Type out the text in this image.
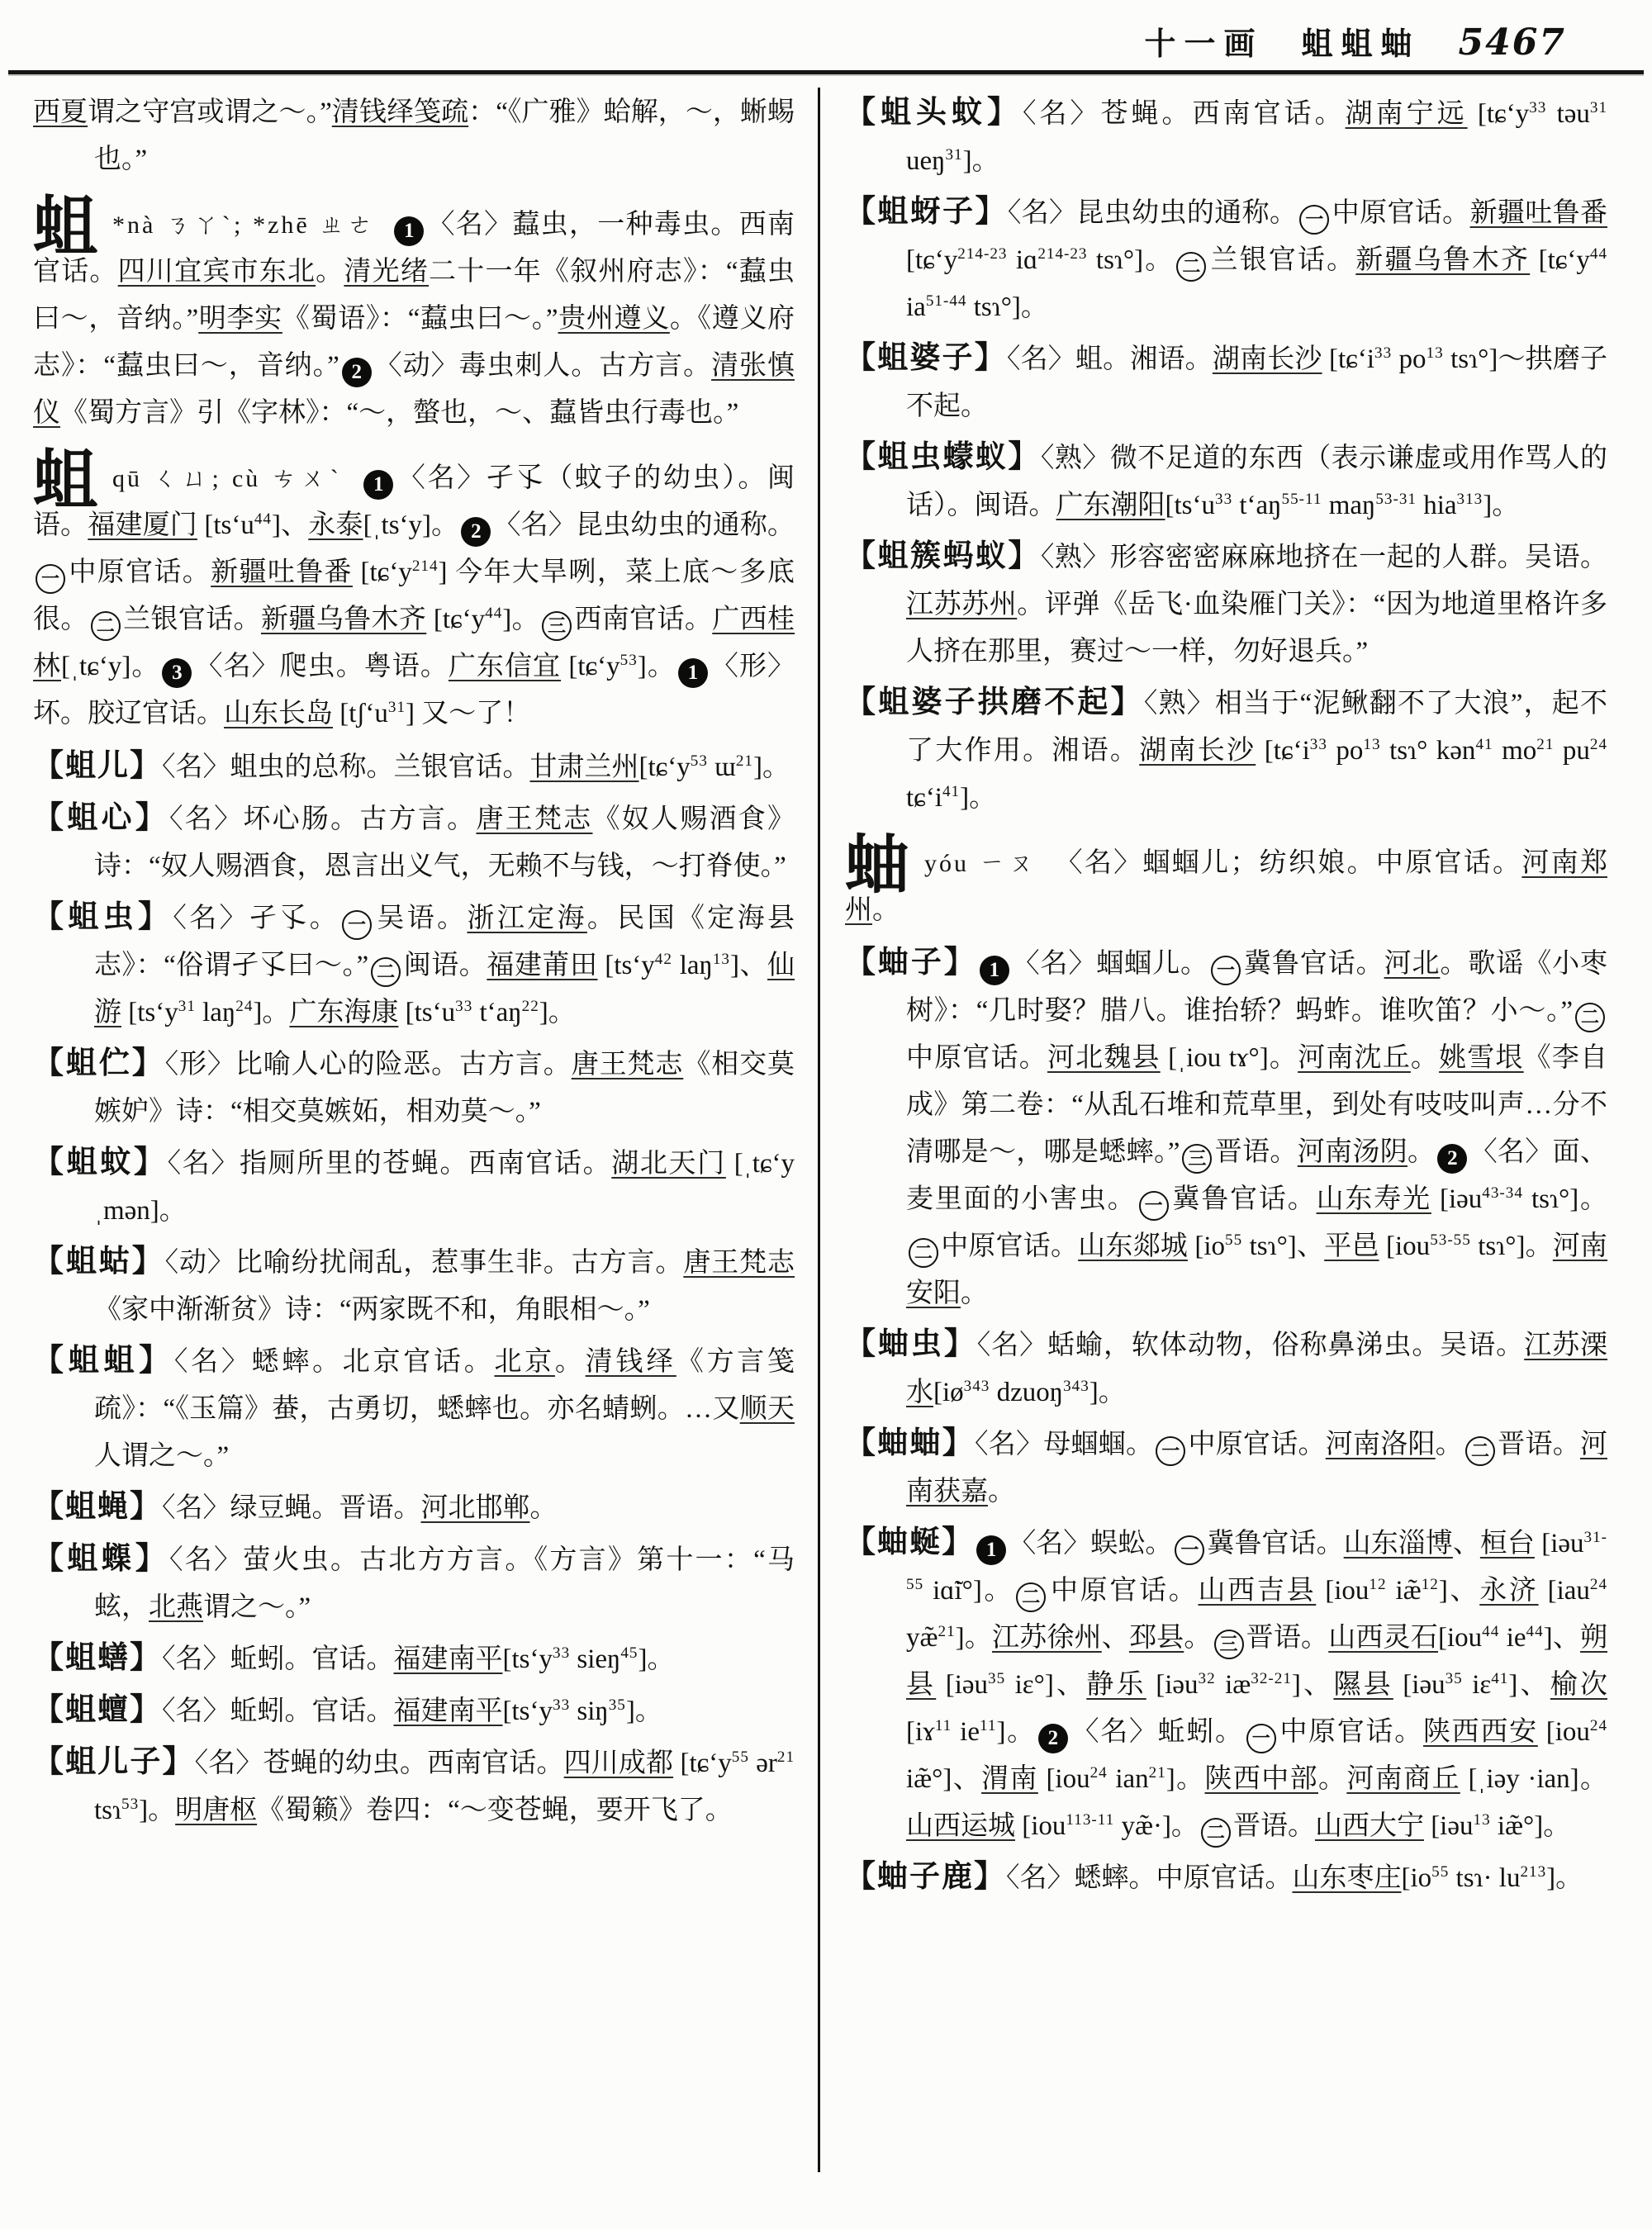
十一画 蛆蛆蚰 5467
西夏谓之守宫或谓之～。”清钱绎笺疏：“《广雅》蛤解，～，蜥蜴也。”
蛆 *nà ㄋㄚˋ; *zhē ㄓㄜ 1 〈名〉蠚虫，一种毒虫。西南官话。四川宜宾市东北。清光绪二十一年《叙州府志》：“蠚虫曰～，音纳。”明李实《蜀语》：“蠚虫曰～。”贵州遵义。《遵义府志》：“蠚虫曰～，音纳。” 2 〈动〉毒虫刺人。古方言。清张慎仪《蜀方言》引《字林》：“～，螫也，～、蠚皆虫行毒也。”
蛆qū ㄑㄩ; cù ㄘㄨˋ 1 〈名〉孑孓（蚊子的幼虫）。闽语。福建厦门 [tsʻu$^{44}$]、永泰[ˌtsʻy]。 2 〈名〉昆虫幼虫的通称。一 中原官话。新疆吐鲁番 [tɕʻy$^{214}$] 今年大旱咧，菜上底～多底很。 二 兰银官话。新疆乌鲁木齐 [tɕʻy$^{44}$]。 三 西南官话。广西桂林[ˌtɕʻy]。 3 〈名〉爬虫。粤语。广东信宜 [tɕʻy$^{53}$]。 1 〈形〉坏。胶辽官话。山东长岛 [tʃʻu$^{31}$] 又～了！
【蛆儿】〈名〉蛆虫的总称。兰银官话。甘肃兰州[tɕʻy$^{53}$ ɯ$^{21}$]。
【蛆心】〈名〉坏心肠。古方言。唐王梵志《奴人赐酒食》诗：“奴人赐酒食，恩言出义气，无赖不与钱，～打脊使。”
【蛆虫】〈名〉孑孓。 一 吴语。浙江定海。民国《定海县志》：“俗谓孑孓曰～。” 二 闽语。福建莆田 [tsʻy$^{42}$ laŋ$^{13}$]、仙游 [tsʻy$^{31}$ laŋ$^{24}$]。广东海康 [tsʻu$^{33}$ tʻaŋ$^{22}$]。
【蛆伫】〈形〉比喻人心的险恶。古方言。唐王梵志《相交莫嫉妒》诗：“相交莫嫉妬，相劝莫～。”
【蛆蚊】〈名〉指厕所里的苍蝇。西南官话。湖北天门 [ˌtɕʻy ˌmən]。
【蛆蛄】〈动〉比喻纷扰闹乱，惹事生非。古方言。唐王梵志《家中渐渐贫》诗：“两家既不和，角眼相～。”
【蛆蛆】〈名〉蟋蟀。北京官话。北京。清钱绎《方言笺疏》：“《玉篇》蛬，古勇切，蟋蟀也。亦名蜻蛚。…又顺天人谓之～。”
【蛆蝇】〈名〉绿豆蝇。晋语。河北邯郸。
【蛆蟝】〈名〉萤火虫。古北方方言。《方言》第十一：“马蚿，北燕谓之～。”
【蛆蟮】〈名〉蚯蚓。官话。福建南平[tsʻy$^{33}$ sieŋ$^{45}$]。
【蛆蟺】〈名〉蚯蚓。官话。福建南平[tsʻy$^{33}$ siŋ$^{35}$]。
【蛆儿子】〈名〉苍蝇的幼虫。西南官话。四川成都 [tɕʻy$^{55}$ ər$^{21}$ tsɿ$^{53}$]。明唐枢《蜀籁》卷四：“～变苍蝇，要开飞了。
【蛆头蚊】〈名〉苍蝇。西南官话。湖南宁远 [tɕʻy$^{33}$ təu$^{31}$ ueŋ$^{31}$]。
【蛆蚜子】〈名〉昆虫幼虫的通称。 一 中原官话。新疆吐鲁番 [tɕʻy$^{214-23}$ iɑ$^{214-23}$ tsɿ°]。 二 兰银官话。新疆乌鲁木齐 [tɕʻy$^{44}$ $ia^{51-44}$ tsɿ°]。
【蛆婆子】〈名〉蛆。湘语。湖南长沙 [tɕʻi$^{33}$ $po^{13}$ tsɿ°]～拱磨子不起。
【蛆虫蠓蚁】〈熟〉微不足道的东西（表示谦虚或用作骂人的话）。闽语。广东潮阳[tsʻu$^{33}$ tʻaŋ$^{55-11}$ maŋ$^{53-31}$ hia$^{313}$]。
【蛆簇蚂蚁】〈熟〉形容密密麻麻地挤在一起的人群。吴语。江苏苏州。评弹《岳飞·血染雁门关》：“因为地道里格许多人挤在那里，赛过～一样，勿好退兵。”
【蛆婆子拱磨不起】〈熟〉相当于“泥鳅翻不了大浪”，起不了大作用。湘语。湖南长沙 [tɕʻi$^{33}$ $po^{13}$ tsɿ° kən$^{41}$ $mo^{21}$ $pu^{24}$ tɕʻi$^{41}$]。
蚰yóu ㄧㄡ 〈名〉蝈蝈儿；纺织娘。中原官话。河南郑州。
【蚰子】 1 〈名〉蝈蝈儿。 一 冀鲁官话。河北。歌谣《小枣树》：“几时娶？腊八。谁抬轿？蚂蚱。谁吹笛？小～。” 二中原官话。河北魏县 [ˌiou tɤ°]。河南沈丘。姚雪垠《李自成》第二卷：“从乱石堆和荒草里，到处有吱吱叫声…分不清哪是～，哪是蟋蟀。” 三 晋语。河南汤阴。 2 〈名〉面、麦里面的小害虫。 一 冀鲁官话。山东寿光 [iəu$^{43-34}$ tsɿ°]。二 中原官话。山东郯城 [$io^{55}$ tsɿ°]、平邑 [iou$^{53-55}$ tsɿ°]。河南安阳。
【蚰虫】〈名〉蛞蝓，软体动物，俗称鼻涕虫。吴语。江苏溧水[$iø^{343}$ dzuoŋ$^{343}$]。
【蚰蚰】〈名〉母蝈蝈。 一 中原官话。河南洛阳。 二 晋语。河南获嘉。
【蚰蜒】 1 〈名〉蜈蚣。 一 冀鲁官话。山东淄博、桓台 [iəu$^{31-55}$ iɑ̃i°]。 二 中原官话。山西吉县 [iou$^{12}$ iæ̃$^{12}$]、永济 [iau$^{24}$ yæ̃$^{21}$]。江苏徐州、邳县。 三 晋语。山西灵石[iou$^{44}$ $ie^{44}$]、朔县 [iəu$^{35}$ iɛ°]、静乐 [iəu$^{32}$ $iæ^{32-21}$]、隰县 [iəu$^{35}$ iɛ$^{41}$]、榆次 [iɤ$^{11}$ $ie^{11}$]。 2 〈名〉蚯蚓。 一 中原官话。陕西西安 [iou$^{24}$ iæ̃°]、渭南 [iou$^{24}$ ian$^{21}$]。陕西中部。河南商丘 [ˌiəy ·ian]。山西运城 [iou$^{113-11}$ yæ̃·]。 二 晋语。山西大宁 [iəu$^{13}$ iæ̃°]。
【蚰子鹿】〈名〉蟋蟀。中原官话。山东枣庄[$io^{55}$ tsɿ· $lu^{213}$]。
